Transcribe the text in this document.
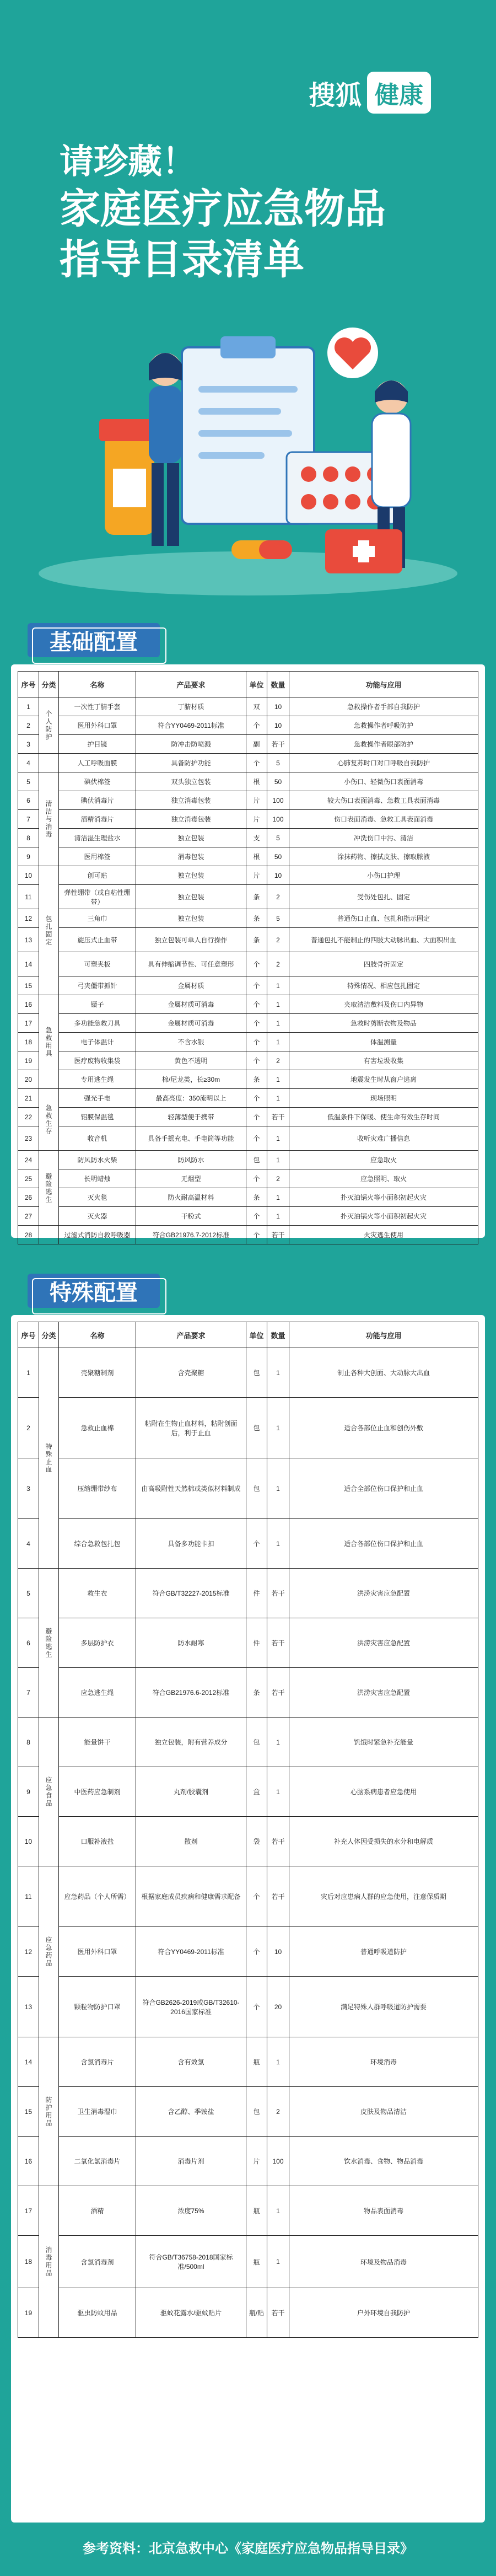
搜狐 健康
请珍藏！
家庭医疗应急物品
指导目录清单
基础配置
序号	分类	名称	产品要求	单位	数量	功能与应用
1	个人防护	一次性丁腈手套	丁腈材质	双	10	急救操作者手部自我防护
2		医用外科口罩	符合YY0469-2011标准	个	10	急救操作者呼吸防护
3		护目镜	防冲击防喷溅	副	若干	急救操作者眼部防护
4		人工呼吸面膜	具备防护功能	个	5	心肺复苏时口对口呼吸自我防护
5	清洁与消毒	碘伏棉签	双头独立包装	根	50	小伤口、轻微伤口表面消毒
6		碘伏消毒片	独立消毒包装	片	100	较大伤口表面消毒、急救工具表面消毒
7		酒精消毒片	独立消毒包装	片	100	伤口表面消毒、急救工具表面消毒
8		清洁湿生理盐水	独立包装	支	5	冲洗伤口中污、清洁
9		医用棉签	消毒包装	根	50	涂抹药物、擦拭皮肤、擦取脓液
10	包扎固定	创可贴	独立包装	片	10	小伤口护理
11		弹性绷带（或自粘性绷带）	独立包装	条	2	受伤处包扎、固定
12		三角巾	独立包装	条	5	普通伤口止血、包扎和指示固定
13		旋压式止血带	独立包装可单人自行操作	条	2	普通包扎不能制止的四肢大动脉出血、大面积出血
14		可塑夹板	具有伸缩调节性、可任意塑形	个	2	四肢骨折固定
15		弓夹僵带抓针	金属材质	个	1	特殊情况、相应包扎固定
16	急救用具	镊子	金属材质可消毒	个	1	夹取清洁敷料及伤口内异物
17		多功能急救刀具	金属材质可消毒	个	1	急救时剪断衣物及物品
18		电子体温计	不含水银	个	1	体温测量
19		医疗废物收集袋	黄色不透明	个	2	有害垃圾收集
20		专用逃生绳	棉/尼龙类，长≥30m	条	1	地震发生时从窗户逃离
21	急救生存	强光手电	最高亮度：350流明以上	个	1	现场照明
22		铝膜保温毯	轻薄型便于携带	个	若干	低温条件下保暖、使生命有效生存时间
23		收音机	具备手摇充电、手电筒等功能	个	1	收听灾难广播信息
24	避险逃生	防风防水火柴	防风防水	包	1	应急取火
25		长明蜡烛	无烟型	个	2	应急照明、取火
26		灭火毯	防火耐高温材料	条	1	扑灭油锅火等小面积初起火灾
27		灭火器	干粉式	个	1	扑灭油锅火等小面积初起火灾
28		过滤式消防自救呼吸器	符合GB21976.7-2012标准	个	若干	火灾逃生使用
特殊配置
序号	分类	名称	产品要求	单位	数量	功能与应用
1	特殊止血	壳聚糖制剂	含壳聚糖	包	1	制止各种大创面、大动脉大出血
2		急救止血棉	粘附在生物止血材料，粘附创面后，利于止血	包	1	适合各部位止血和创伤外敷
3		压缩绷带纱布	由高吸附性天然棉或类似材料制成	包	1	适合全部位伤口保护和止血
4		综合急救包扎包	具备多功能卡扣	个	1	适合各部位伤口保护和止血
5	避险逃生	救生衣	符合GB/T32227-2015标准	件	若干	洪涝灾害应急配置
6		多层防护衣	防水耐寒	件	若干	洪涝灾害应急配置
7		应急逃生绳	符合GB21976.6-2012标准	条	若干	洪涝灾害应急配置
8	应急食品	能量饼干	独立包装，附有营养成分	包	1	饥饿时紧急补充能量
9		中医药应急制剂	丸剂/胶囊剂	盒	1	心脑系病患者应急使用
10		口服补液盐	散剂	袋	若干	补充人体因受损失的水分和电解质
11	应急药品	应急药品（个人所需）	根据家庭成员疾病和健康需求配备	个	若干	灾后对应患病人群的应急使用，注意保质期
12		医用外科口罩	符合YY0469-2011标准	个	10	普通呼吸道防护
13		颗粒物防护口罩	符合GB2626-2019或GB/T32610-2016国家标准	个	20	满足特殊人群呼吸道防护需要
14	防护用品	含氯消毒片	含有效氯	瓶	1	环境消毒
15		卫生消毒湿巾	含乙醇、季铵盐	包	2	皮肤及物品清洁
16		二氧化氯消毒片	消毒片剂	片	100	饮水消毒、食物、物品消毒
17	消毒用品	酒精	浓度75%	瓶	1	物品表面消毒
18		含氯消毒剂	符合GB/T36758-2018国家标准/500ml	瓶	1	环境及物品消毒
19		驱虫防蚊用品	驱蚊花露水/驱蚊贴片	瓶/贴	若干	户外环境自我防护
参考资料：北京急救中心《家庭医疗应急物品指导目录》
